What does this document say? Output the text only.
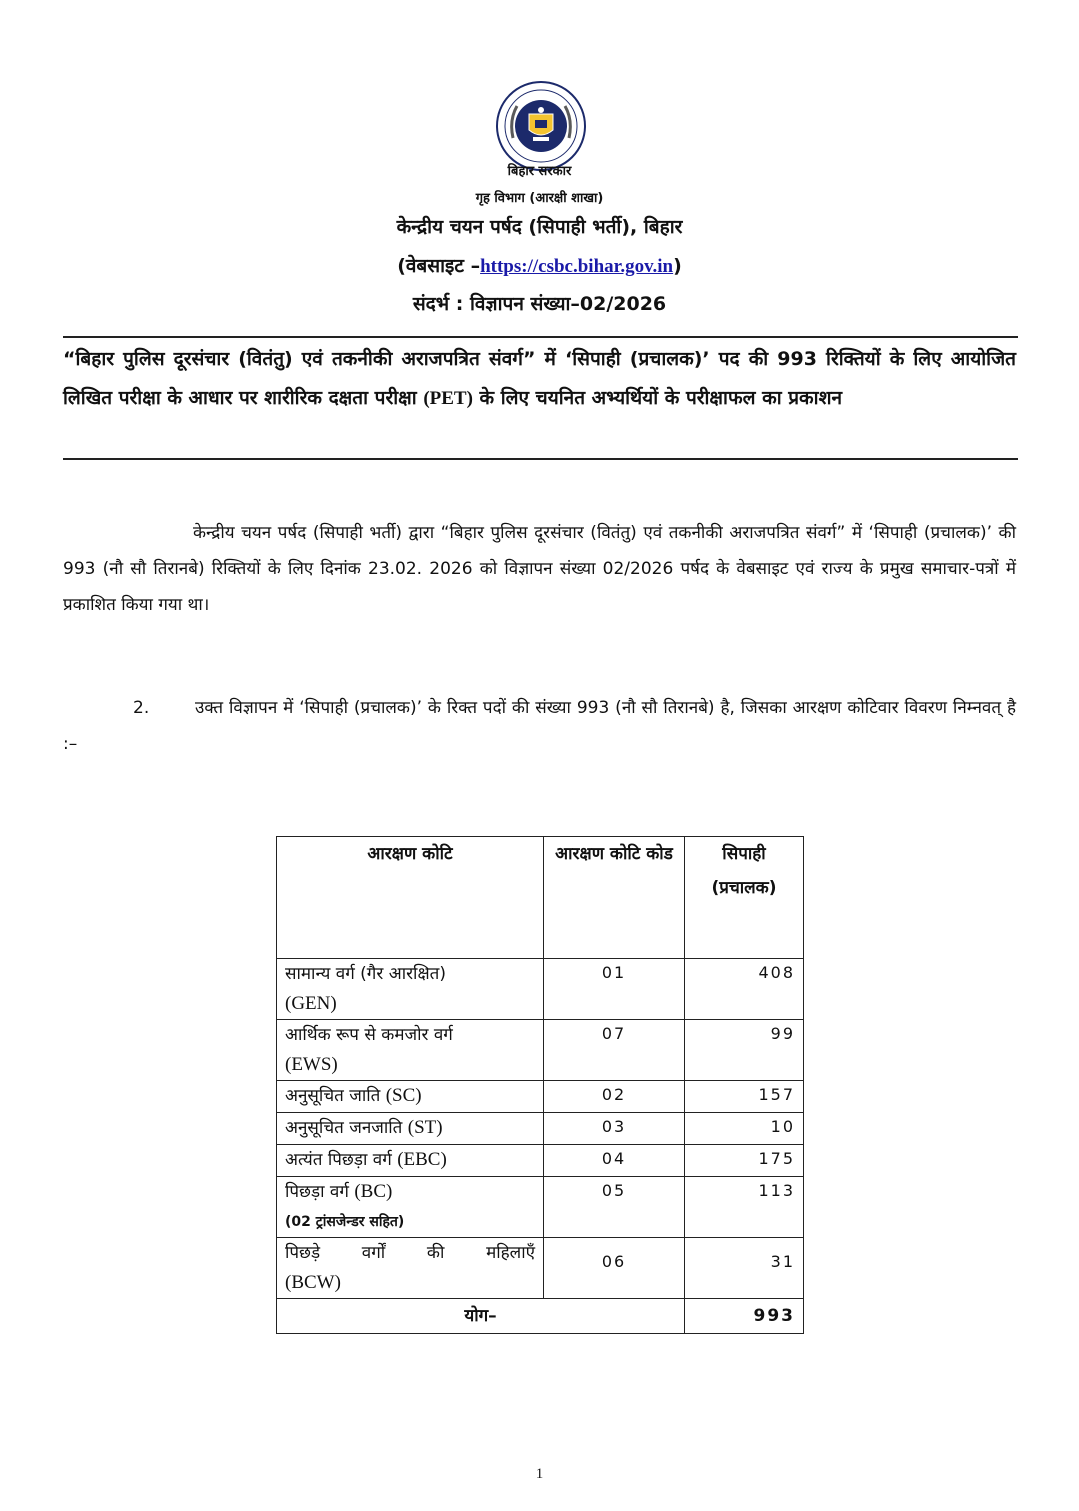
बिहार सरकार
गृह विभाग (आरक्षी शाखा)
केन्द्रीय चयन पर्षद (सिपाही भर्ती), बिहार
(वेबसाइट –https://csbc.bihar.gov.in)
संदर्भ : विज्ञापन संख्या–02/2026
“बिहार पुलिस दूरसंचार (वितंतु) एवं तकनीकी अराजपत्रित संवर्ग” में ‘सिपाही (प्रचालक)’ पद की 993 रिक्तियों के लिए आयोजित लिखित परीक्षा के आधार पर शारीरिक दक्षता परीक्षा (PET) के लिए चयनित अभ्यर्थियों के परीक्षाफल का प्रकाशन
केन्द्रीय चयन पर्षद (सिपाही भर्ती) द्वारा “बिहार पुलिस दूरसंचार (वितंतु) एवं तकनीकी अराजपत्रित संवर्ग” में ‘सिपाही (प्रचालक)’ की 993 (नौ सौ तिरानबे) रिक्तियों के लिए दिनांक 23.02. 2026 को विज्ञापन संख्या 02/2026 पर्षद के वेबसाइट एवं राज्य के प्रमुख समाचार-पत्रों में प्रकाशित किया गया था।
2.	उक्त विज्ञापन में ‘सिपाही (प्रचालक)’ के रिक्त पदों की संख्या 993 (नौ सौ तिरानबे) है, जिसका आरक्षण कोटिवार विवरण निम्नवत् है :–
आरक्षण कोटि	आरक्षण कोटि कोड	सिपाही
(प्रचालक)

सामान्य वर्ग (गैर आरक्षित)
(GEN)	01	408

आर्थिक रूप से कमजोर वर्ग
(EWS)	07	99
अनुसूचित जाति (SC)	02	157
अनुसूचित जनजाति (ST)	03	10
अत्यंत पिछड़ा वर्ग (EBC)	04	175

पिछड़ा वर्ग (BC)
(02 ट्रांसजेन्डर सहित)	05	113

पिछड़े वर्गों की महिलाएँ
(BCW)	06	31
योग–		993
1
